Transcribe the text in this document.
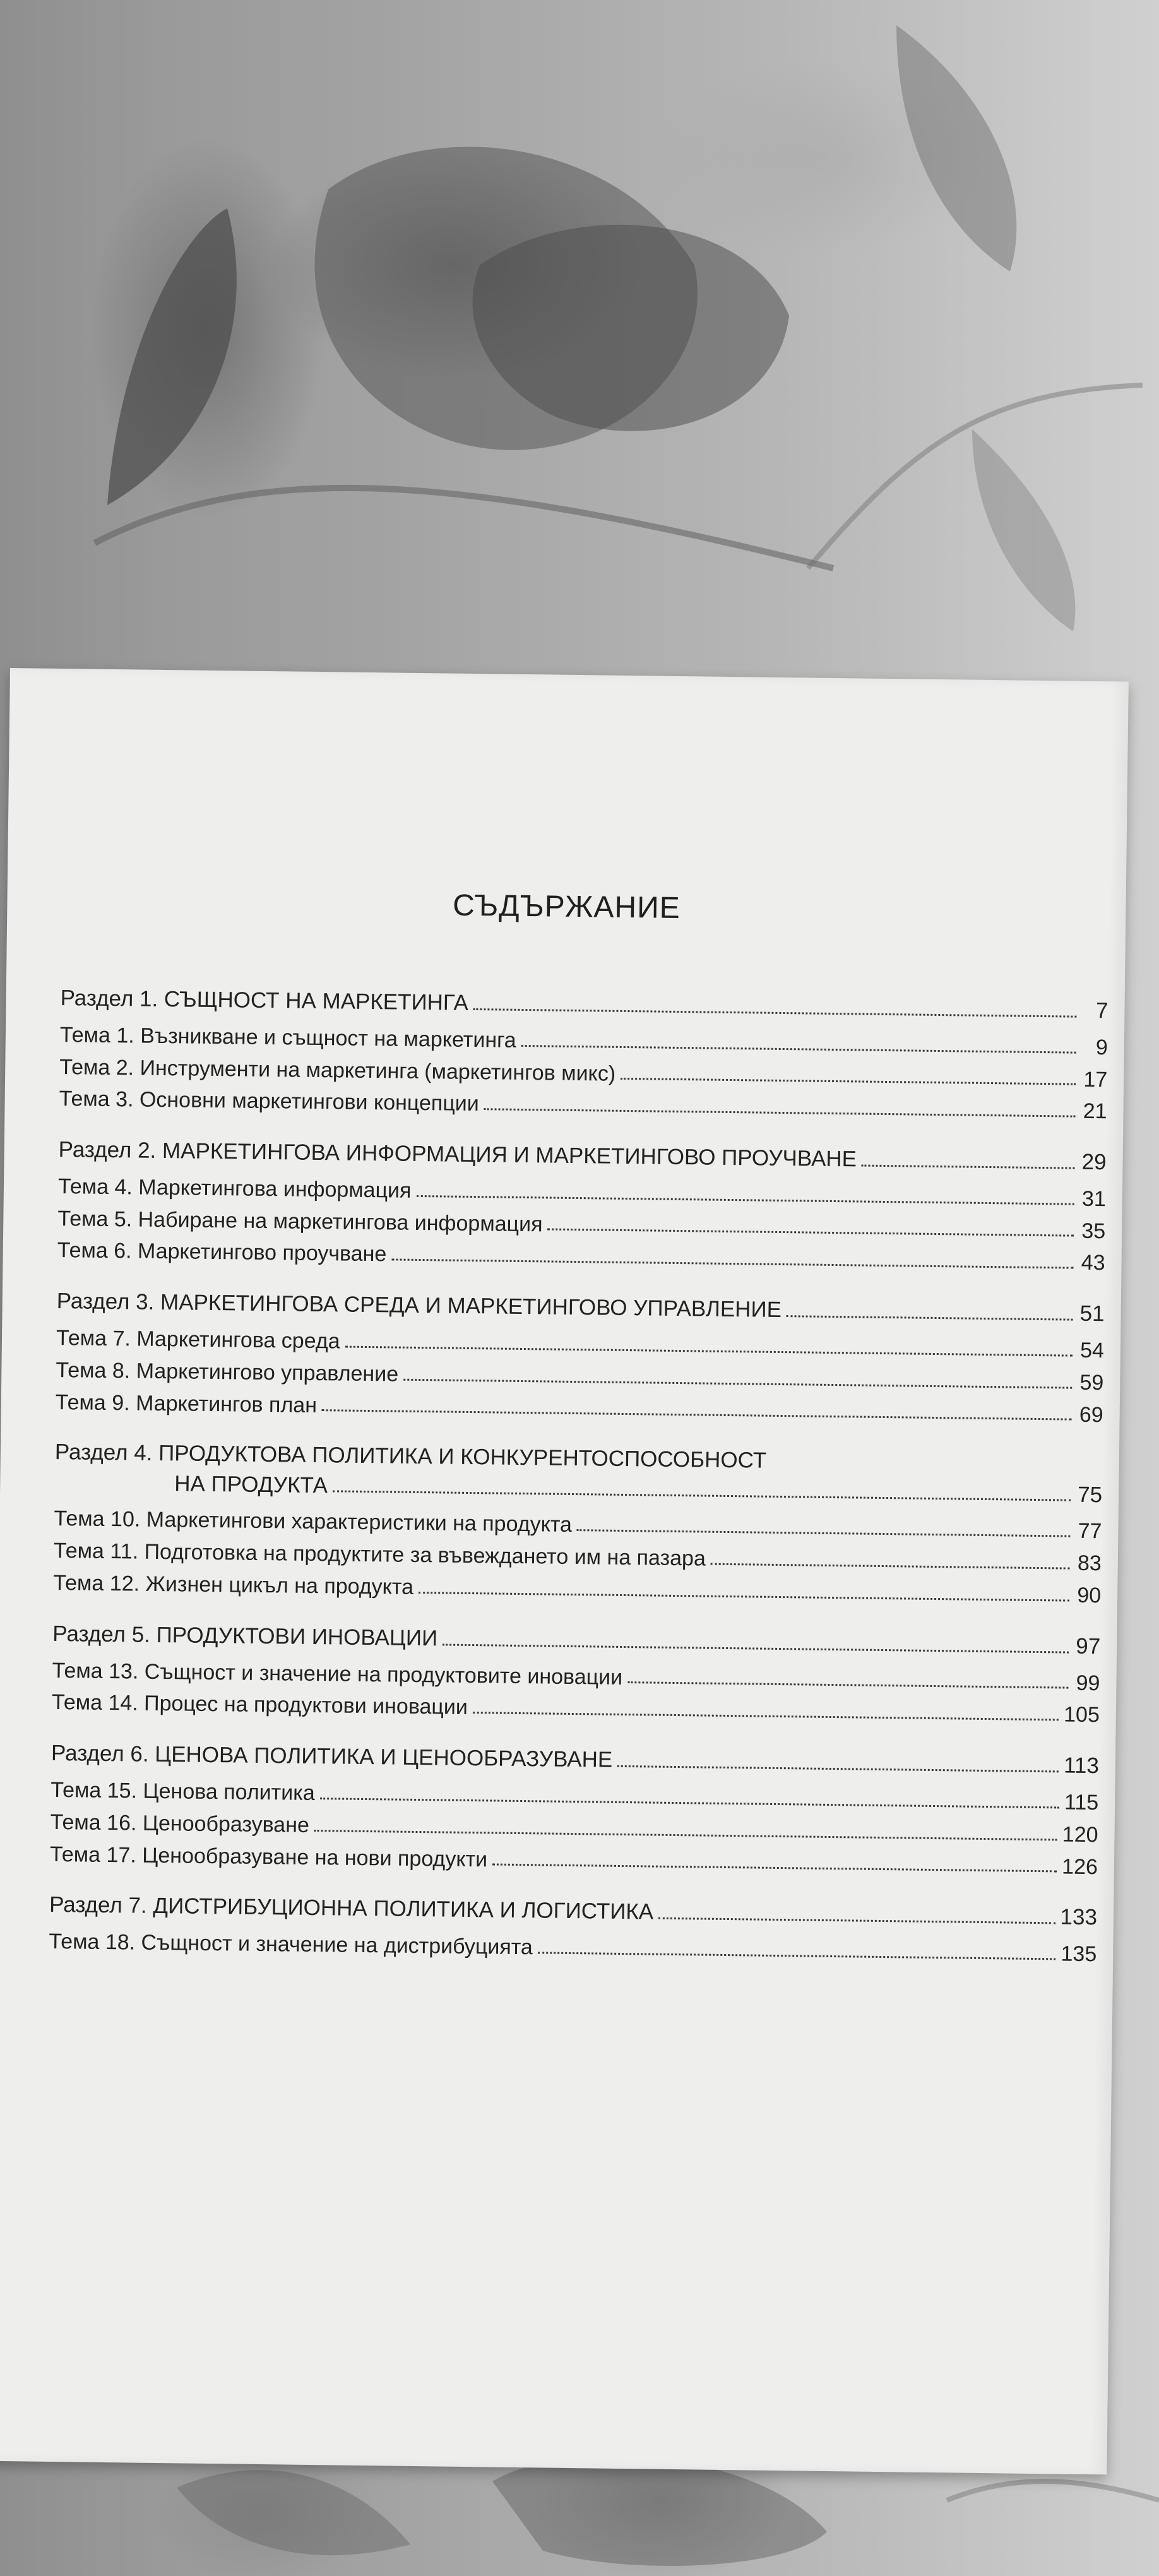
СЪДЪРЖАНИЕ
Раздел 1. СЪЩНОСТ НА МАРКЕТИНГА	7
Тема 1. Възникване и същност на маркетинга	9
Тема 2. Инструменти на маркетинга (маркетингов микс)	17
Тема 3. Основни маркетингови концепции	21
Раздел 2. МАРКЕТИНГОВА ИНФОРМАЦИЯ И МАРКЕТИНГОВО ПРОУЧВАНЕ	29
Тема 4. Маркетингова информация	31
Тема 5. Набиране на маркетингова информация	35
Тема 6. Маркетингово проучване	43
Раздел 3. МАРКЕТИНГОВА СРЕДА И МАРКЕТИНГОВО УПРАВЛЕНИЕ	51
Тема 7. Маркетингова среда	54
Тема 8. Маркетингово управление	59
Тема 9. Маркетингов план	69
Раздел 4. ПРОДУКТОВА ПОЛИТИКА И КОНКУРЕНТОСПОСОБНОСТ
НА ПРОДУКТА	75
Тема 10. Маркетингови характеристики на продукта	77
Тема 11. Подготовка на продуктите за въвеждането им на пазара	83
Тема 12. Жизнен цикъл на продукта	90
Раздел 5. ПРОДУКТОВИ ИНОВАЦИИ	97
Тема 13. Същност и значение на продуктовите иновации	99
Тема 14. Процес на продуктови иновации	105
Раздел 6. ЦЕНОВА ПОЛИТИКА И ЦЕНООБРАЗУВАНЕ	113
Тема 15. Ценова политика	115
Тема 16. Ценообразуване	120
Тема 17. Ценообразуване на нови продукти	126
Раздел 7. ДИСТРИБУЦИОННА ПОЛИТИКА И ЛОГИСТИКА	133
Тема 18. Същност и значение на дистрибуцията	135
